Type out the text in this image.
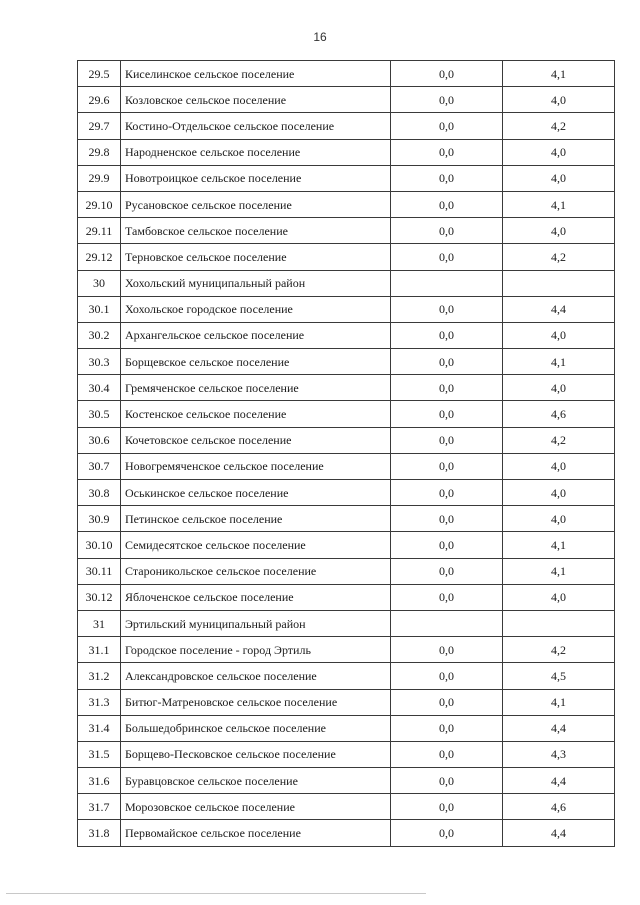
16
29.5	Киселинское сельское поселение	0,0	4,1
29.6	Козловское сельское поселение	0,0	4,0
29.7	Костино-Отдельское сельское поселение	0,0	4,2
29.8	Народненское сельское поселение	0,0	4,0
29.9	Новотроицкое сельское поселение	0,0	4,0
29.10	Русановское сельское поселение	0,0	4,1
29.11	Тамбовское сельское поселение	0,0	4,0
29.12	Терновское сельское поселение	0,0	4,2
30	Хохольский муниципальный район		
30.1	Хохольское городское поселение	0,0	4,4
30.2	Архангельское сельское поселение	0,0	4,0
30.3	Борщевское сельское поселение	0,0	4,1
30.4	Гремяченское сельское поселение	0,0	4,0
30.5	Костенское сельское поселение	0,0	4,6
30.6	Кочетовское сельское поселение	0,0	4,2
30.7	Новогремяченское сельское поселение	0,0	4,0
30.8	Оськинское сельское поселение	0,0	4,0
30.9	Петинское сельское поселение	0,0	4,0
30.10	Семидесятское сельское поселение	0,0	4,1
30.11	Староникольское сельское поселение	0,0	4,1
30.12	Яблоченское сельское поселение	0,0	4,0
31	Эртильский муниципальный район		
31.1	Городское поселение - город Эртиль	0,0	4,2
31.2	Александровское сельское поселение	0,0	4,5
31.3	Битюг-Матреновское сельское поселение	0,0	4,1
31.4	Большедобринское сельское поселение	0,0	4,4
31.5	Борщево-Песковское сельское поселение	0,0	4,3
31.6	Буравцовское сельское поселение	0,0	4,4
31.7	Морозовское сельское поселение	0,0	4,6
31.8	Первомайское сельское поселение	0,0	4,4
